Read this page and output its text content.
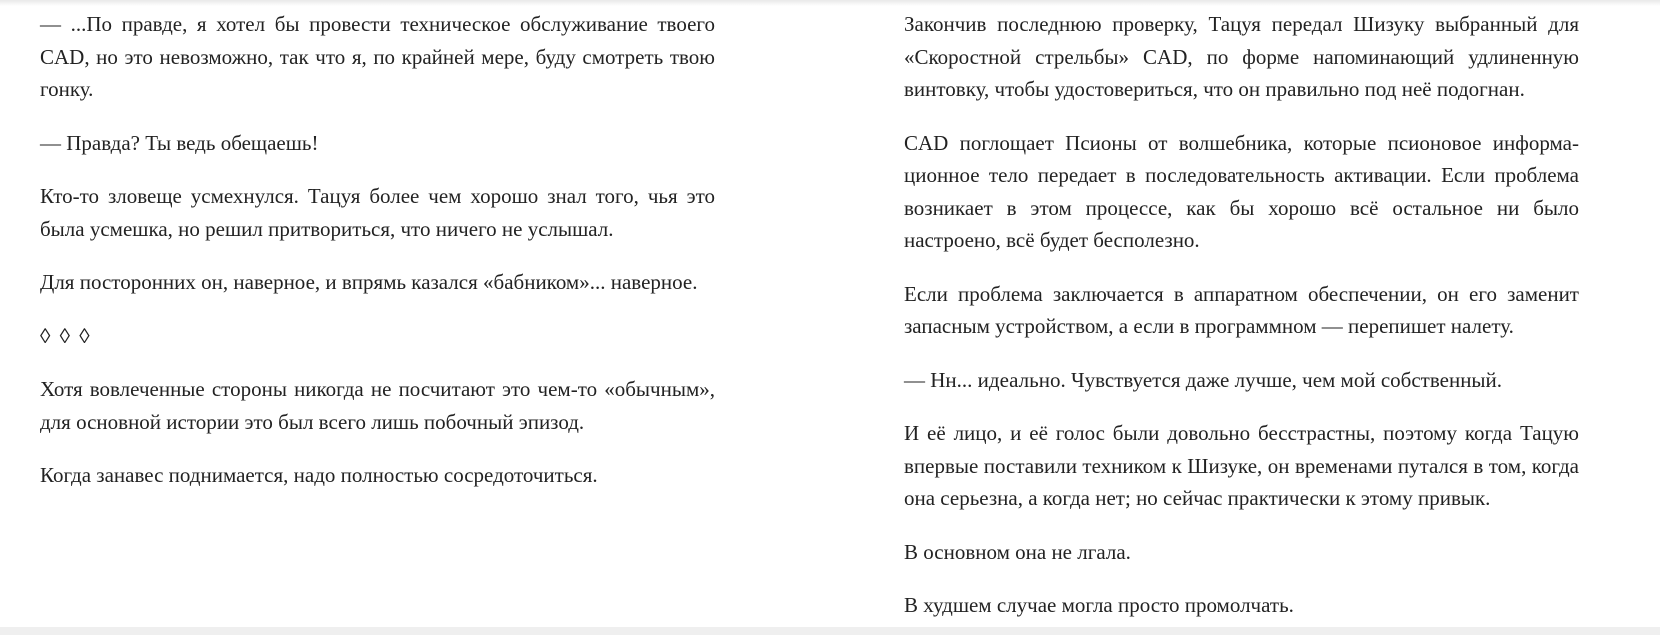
— ...По правде, я хотел бы провести техническое обслуживание твоего CAD, но это невозможно, так что я, по крайней мере, буду смотреть твою гонку.

— Правда? Ты ведь обещаешь!

Кто-то зловеще усмехнулся. Тацуя более чем хорошо знал того, чья это была усмешка, но решил притвориться, что ничего не услышал.

Для посторонних он, наверное, и впрямь казался «бабником»... наверное.

◊ ◊ ◊

Хотя вовлеченные стороны никогда не посчитают это чем-то «обычным», для основной истории это был всего лишь побочный эпизод.

Когда занавес поднимается, надо полностью сосредоточиться.

Закончив последнюю проверку, Тацуя передал Шизуку выбранный для «Скоростной стрельбы» CAD, по форме напоминающий удлиненную винтовку, чтобы удостовериться, что он правильно под неё подогнан.

CAD поглощает Псионы от волшебника, которые псионовое информационное тело передает в последовательность активации. Если проблема возникает в этом процессе, как бы хорошо всё остальное ни было настроено, всё будет бесполезно.

Если проблема заключается в аппаратном обеспечении, он его заменит запасным устройством, а если в программном — перепишет налету.

— Нн... идеально. Чувствуется даже лучше, чем мой собственный.

И её лицо, и её голос были довольно бесстрастны, поэтому когда Тацую впервые поставили техником к Шизуке, он временами путался в том, когда она серьезна, а когда нет; но сейчас практически к этому привык.

В основном она не лгала.

В худшем случае могла просто промолчать.
